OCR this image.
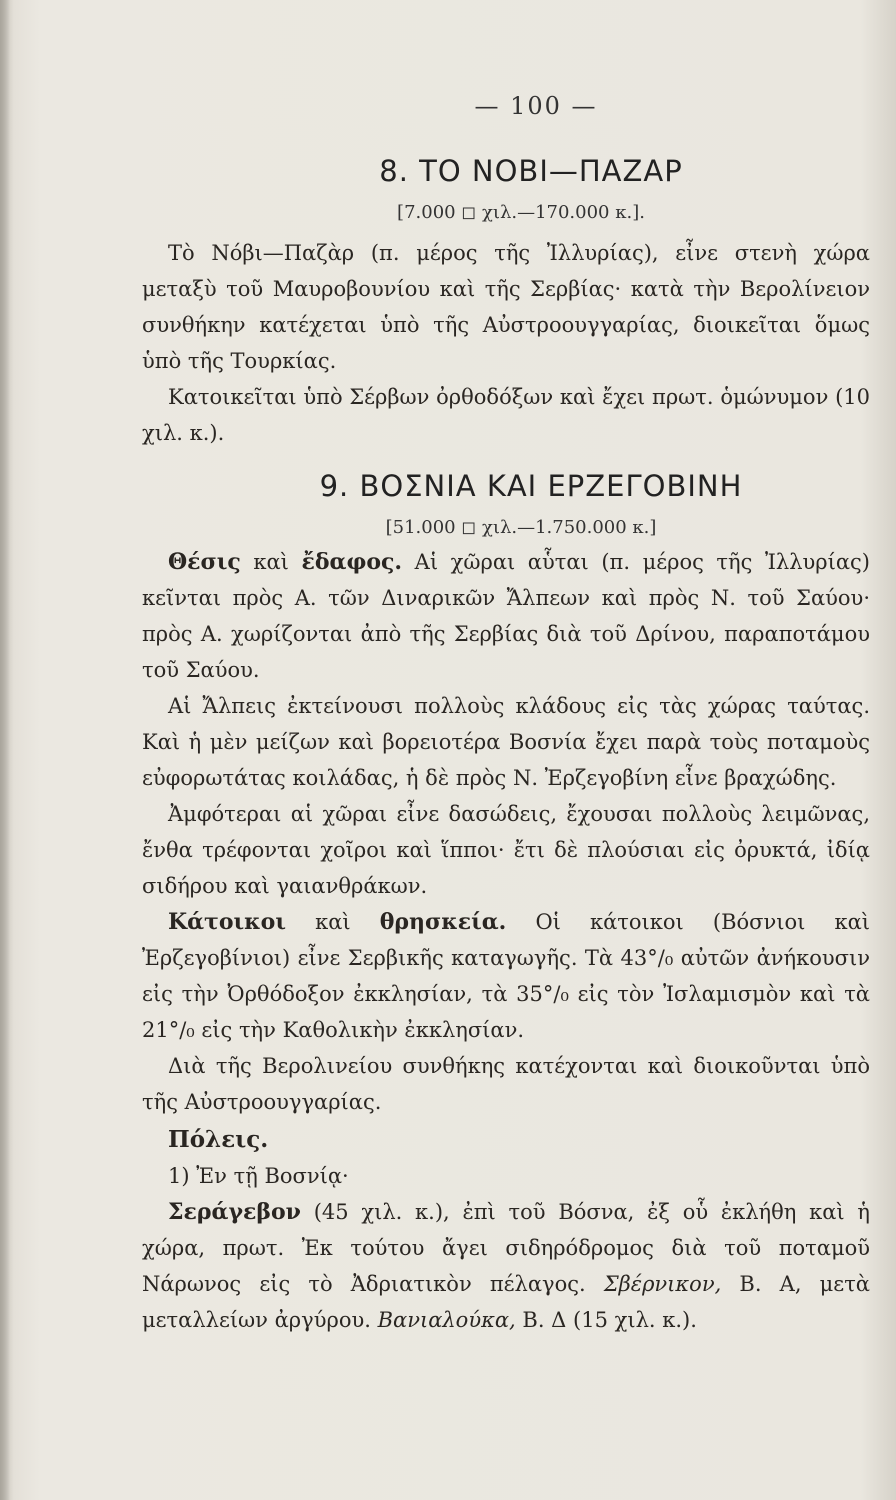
— 100 —
8. ΤΟ ΝΟΒΙ—ΠΑΖΑΡ
[7.000 ◻ χιλ.—170.000 κ.].

Τὸ Νόβι—Παζὰρ (π. μέρος τῆς Ἰλλυρίας), εἶνε στενὴ χώρα μεταξὺ τοῦ Μαυροβουνίου καὶ τῆς Σερβίας· κατὰ τὴν Βερολίνειον συνθήκην κατέχεται ὑπὸ τῆς Αὐστροουγγαρίας, διοικεῖται ὅμως ὑπὸ τῆς Τουρκίας.

Κατοικεῖται ὑπὸ Σέρβων ὀρθοδόξων καὶ ἔχει πρωτ. ὁμώνυμον (10 χιλ. κ.).

9. ΒΟΣΝΙΑ ΚΑΙ ΕΡΖΕΓΟΒΙΝΗ
[51.000 ◻ χιλ.—1.750.000 κ.]

Θέσις καὶ ἔδαφος. Αἱ χῶραι αὗται (π. μέρος τῆς Ἰλλυρίας) κεῖνται πρὸς Α. τῶν Διναρικῶν Ἄλπεων καὶ πρὸς Ν. τοῦ Σαύου· πρὸς Α. χωρίζονται ἀπὸ τῆς Σερβίας διὰ τοῦ Δρίνου, παραποτάμου τοῦ Σαύου.

Αἱ Ἄλπεις ἐκτείνουσι πολλοὺς κλάδους εἰς τὰς χώρας ταύτας. Καὶ ἡ μὲν μείζων καὶ βορειοτέρα Βοσνία ἔχει παρὰ τοὺς ποταμοὺς εὐφορωτάτας κοιλάδας, ἡ δὲ πρὸς Ν. Ἐρζεγοβίνη εἶνε βραχώδης.

Ἀμφότεραι αἱ χῶραι εἶνε δασώδεις, ἔχουσαι πολλοὺς λειμῶνας, ἔνθα τρέφονται χοῖροι καὶ ἵπποι· ἔτι δὲ πλούσιαι εἰς ὀρυκτά, ἰδίᾳ σιδήρου καὶ γαιανθράκων.

Κάτοικοι καὶ θρησκεία. Οἱ κάτοικοι (Βόσνιοι καὶ Ἐρζεγοβίνιοι) εἶνε Σερβικῆς καταγωγῆς. Τὰ 43°/₀ αὐτῶν ἀνήκουσιν εἰς τὴν Ὀρθόδοξον ἐκκλησίαν, τὰ 35°/₀ εἰς τὸν Ἰσλαμισμὸν καὶ τὰ 21°/₀ εἰς τὴν Καθολικὴν ἐκκλησίαν.

Διὰ τῆς Βερολινείου συνθήκης κατέχονται καὶ διοικοῦνται ὑπὸ τῆς Αὐστροουγγαρίας.

Πόλεις.

1) Ἐν τῇ Βοσνίᾳ·

Σεράγεβον (45 χιλ. κ.), ἐπὶ τοῦ Βόσνα, ἐξ οὗ ἐκλήθη καὶ ἡ χώρα, πρωτ. Ἐκ τούτου ἄγει σιδηρόδρομος διὰ τοῦ ποταμοῦ Νάρωνος εἰς τὸ Ἀδριατικὸν πέλαγος. Σβέρνικον, Β. Α, μετὰ μεταλλείων ἀργύρου. Βανιαλούκα, Β. Δ (15 χιλ. κ.).
